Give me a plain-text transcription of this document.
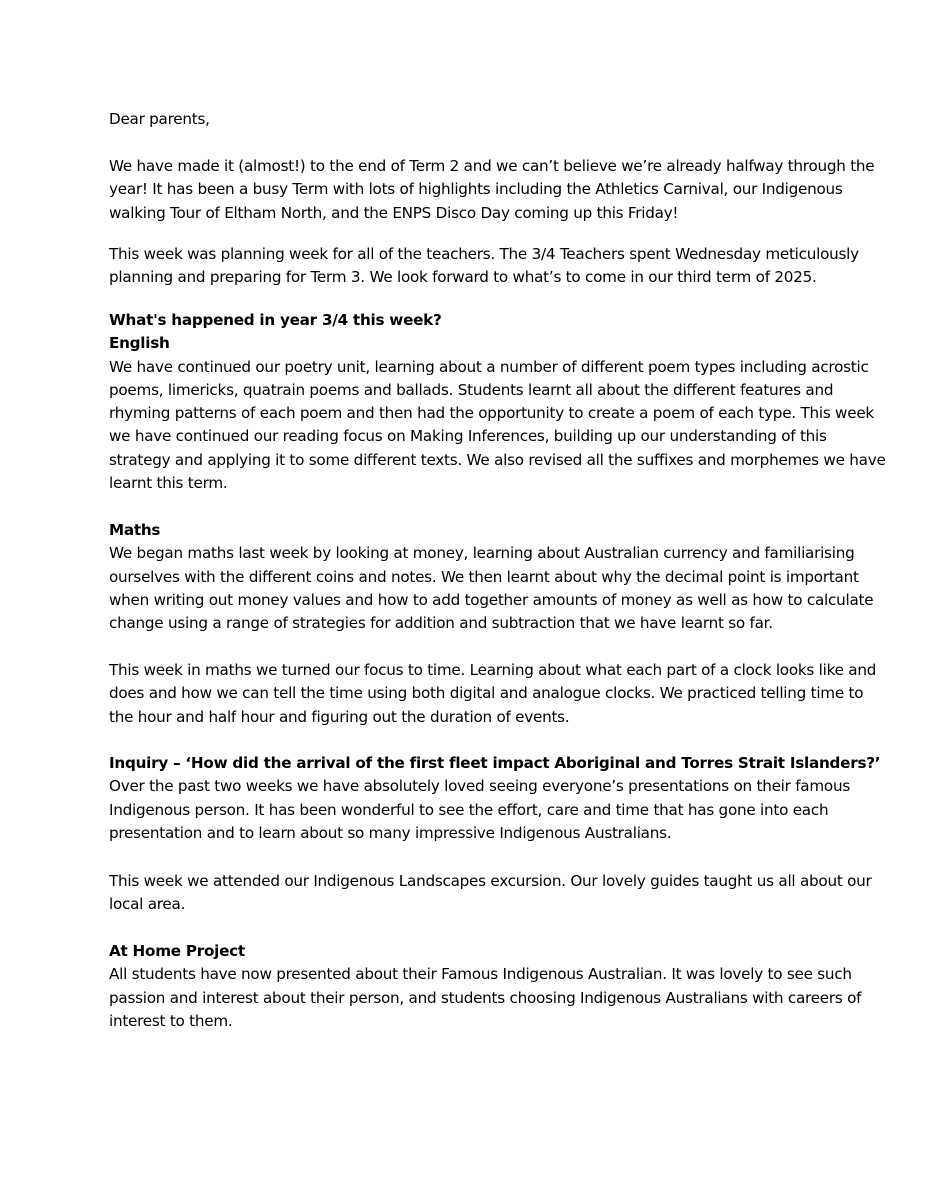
Dear parents,

We have made it (almost!) to the end of Term 2 and we can’t believe we’re already halfway through the
year! It has been a busy Term with lots of highlights including the Athletics Carnival, our Indigenous
walking Tour of Eltham North, and the ENPS Disco Day coming up this Friday!

This week was planning week for all of the teachers. The 3/4 Teachers spent Wednesday meticulously
planning and preparing for Term 3. We look forward to what’s to come in our third term of 2025.

What's happened in year 3/4 this week?
English
We have continued our poetry unit, learning about a number of different poem types including acrostic
poems, limericks, quatrain poems and ballads. Students learnt all about the different features and
rhyming patterns of each poem and then had the opportunity to create a poem of each type. This week
we have continued our reading focus on Making Inferences, building up our understanding of this
strategy and applying it to some different texts. We also revised all the suffixes and morphemes we have
learnt this term.

Maths
We began maths last week by looking at money, learning about Australian currency and familiarising
ourselves with the different coins and notes. We then learnt about why the decimal point is important
when writing out money values and how to add together amounts of money as well as how to calculate
change using a range of strategies for addition and subtraction that we have learnt so far.

This week in maths we turned our focus to time. Learning about what each part of a clock looks like and
does and how we can tell the time using both digital and analogue clocks. We practiced telling time to
the hour and half hour and figuring out the duration of events.

Inquiry – ‘How did the arrival of the first fleet impact Aboriginal and Torres Strait Islanders?’
Over the past two weeks we have absolutely loved seeing everyone’s presentations on their famous
Indigenous person. It has been wonderful to see the effort, care and time that has gone into each
presentation and to learn about so many impressive Indigenous Australians.

This week we attended our Indigenous Landscapes excursion. Our lovely guides taught us all about our
local area.

At Home Project
All students have now presented about their Famous Indigenous Australian. It was lovely to see such
passion and interest about their person, and students choosing Indigenous Australians with careers of
interest to them.
